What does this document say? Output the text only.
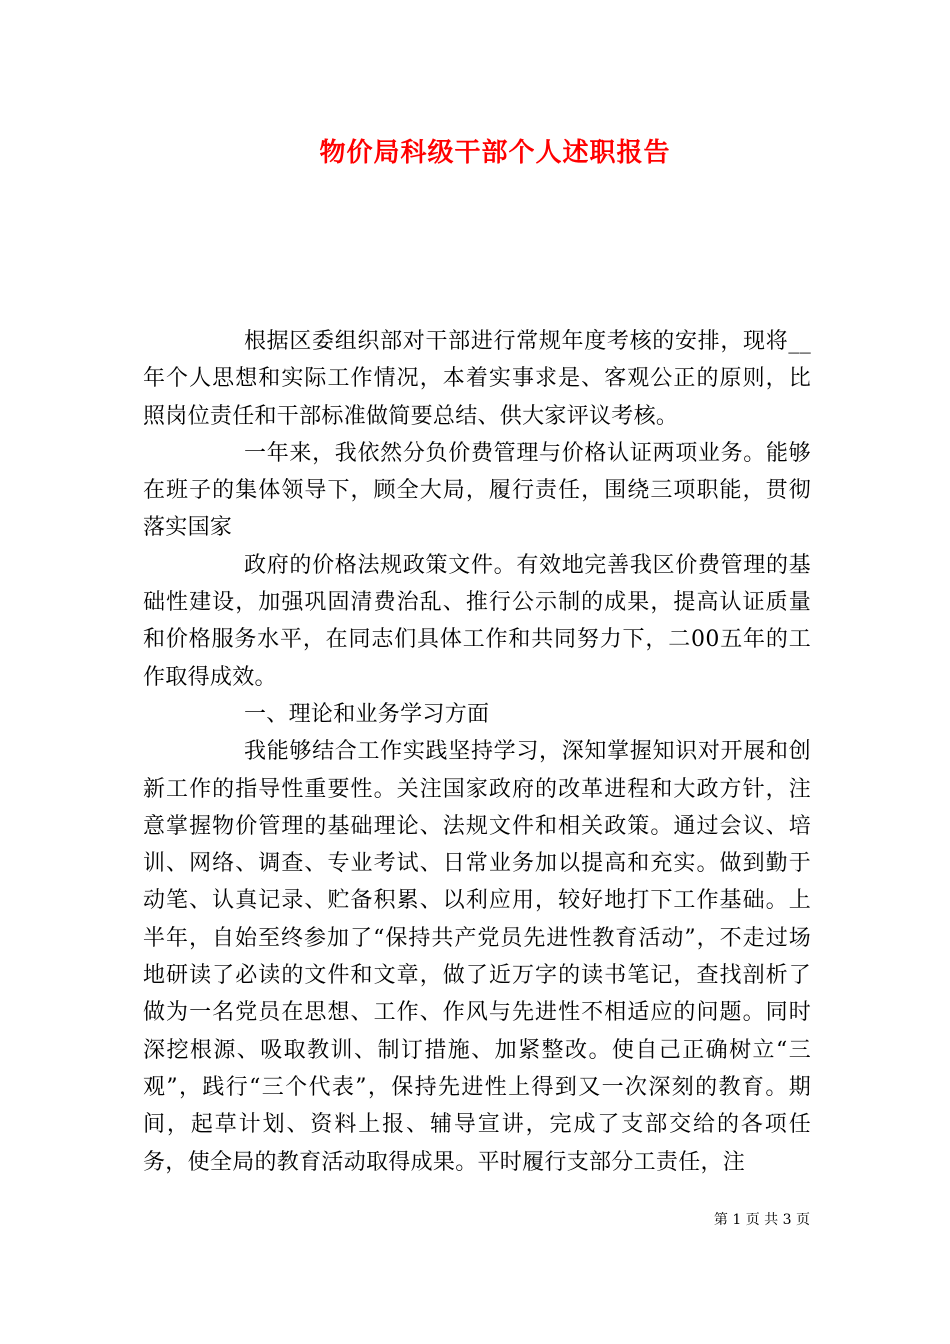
物价局科级干部个人述职报告

根据区委组织部对干部进行常规年度考核的安排，现将__年个人思想和实际工作情况，本着实事求是、客观公正的原则，比照岗位责任和干部标准做简要总结、供大家评议考核。

一年来，我依然分负价费管理与价格认证两项业务。能够在班子的集体领导下，顾全大局，履行责任，围绕三项职能，贯彻落实国家

政府的价格法规政策文件。有效地完善我区价费管理的基础性建设，加强巩固清费治乱、推行公示制的成果，提高认证质量和价格服务水平，在同志们具体工作和共同努力下，二00五年的工作取得成效。

一、理论和业务学习方面

我能够结合工作实践坚持学习，深知掌握知识对开展和创新工作的指导性重要性。关注国家政府的改革进程和大政方针，注意掌握物价管理的基础理论、法规文件和相关政策。通过会议、培训、网络、调查、专业考试、日常业务加以提高和充实。做到勤于动笔、认真记录、贮备积累、以利应用，较好地打下工作基础。上半年，自始至终参加了“保持共产党员先进性教育活动”，不走过场地研读了必读的文件和文章，做了近万字的读书笔记，查找剖析了做为一名党员在思想、工作、作风与先进性不相适应的问题。同时深挖根源、吸取教训、制订措施、加紧整改。使自己正确树立“三观”，践行“三个代表”，保持先进性上得到又一次深刻的教育。期间，起草计划、资料上报、辅导宣讲，完成了支部交给的各项任务，使全局的教育活动取得成果。平时履行支部分工责任，注

第 1 页 共 3 页
